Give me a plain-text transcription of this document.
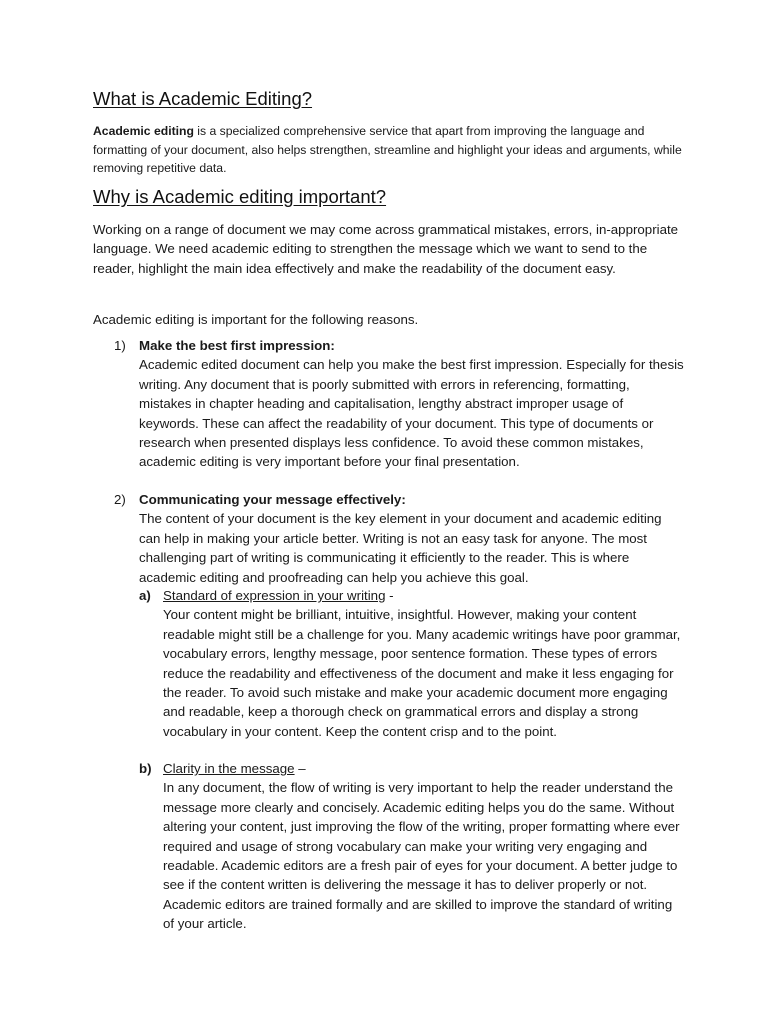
What is Academic Editing?

Academic editing is a specialized comprehensive service that apart from improving the language and formatting of your document, also helps strengthen, streamline and highlight your ideas and arguments, while removing repetitive data.

Why is Academic editing important?

Working on a range of document we may come across grammatical mistakes, errors, in-appropriate language. We need academic editing to strengthen the message which we want to send to the reader, highlight the main idea effectively and make the readability of the document easy.

Academic editing is important for the following reasons.

1) Make the best first impression:

Academic edited document can help you make the best first impression. Especially for thesis writing. Any document that is poorly submitted with errors in referencing, formatting, mistakes in chapter heading and capitalisation, lengthy abstract improper usage of keywords. These can affect the readability of your document. This type of documents or research when presented displays less confidence. To avoid these common mistakes, academic editing is very important before your final presentation.

2) Communicating your message effectively:

The content of your document is the key element in your document and academic editing can help in making your article better. Writing is not an easy task for anyone. The most challenging part of writing is communicating it efficiently to the reader. This is where academic editing and proofreading can help you achieve this goal.

a) Standard of expression in your writing -

Your content might be brilliant, intuitive, insightful. However, making your content readable might still be a challenge for you. Many academic writings have poor grammar, vocabulary errors, lengthy message, poor sentence formation. These types of errors reduce the readability and effectiveness of the document and make it less engaging for the reader. To avoid such mistake and make your academic document more engaging and readable, keep a thorough check on grammatical errors and display a strong vocabulary in your content. Keep the content crisp and to the point.

b) Clarity in the message –

In any document, the flow of writing is very important to help the reader understand the message more clearly and concisely. Academic editing helps you do the same. Without altering your content, just improving the flow of the writing, proper formatting where ever required and usage of strong vocabulary can make your writing very engaging and readable. Academic editors are a fresh pair of eyes for your document. A better judge to see if the content written is delivering the message it has to deliver properly or not. Academic editors are trained formally and are skilled to improve the standard of writing of your article.
